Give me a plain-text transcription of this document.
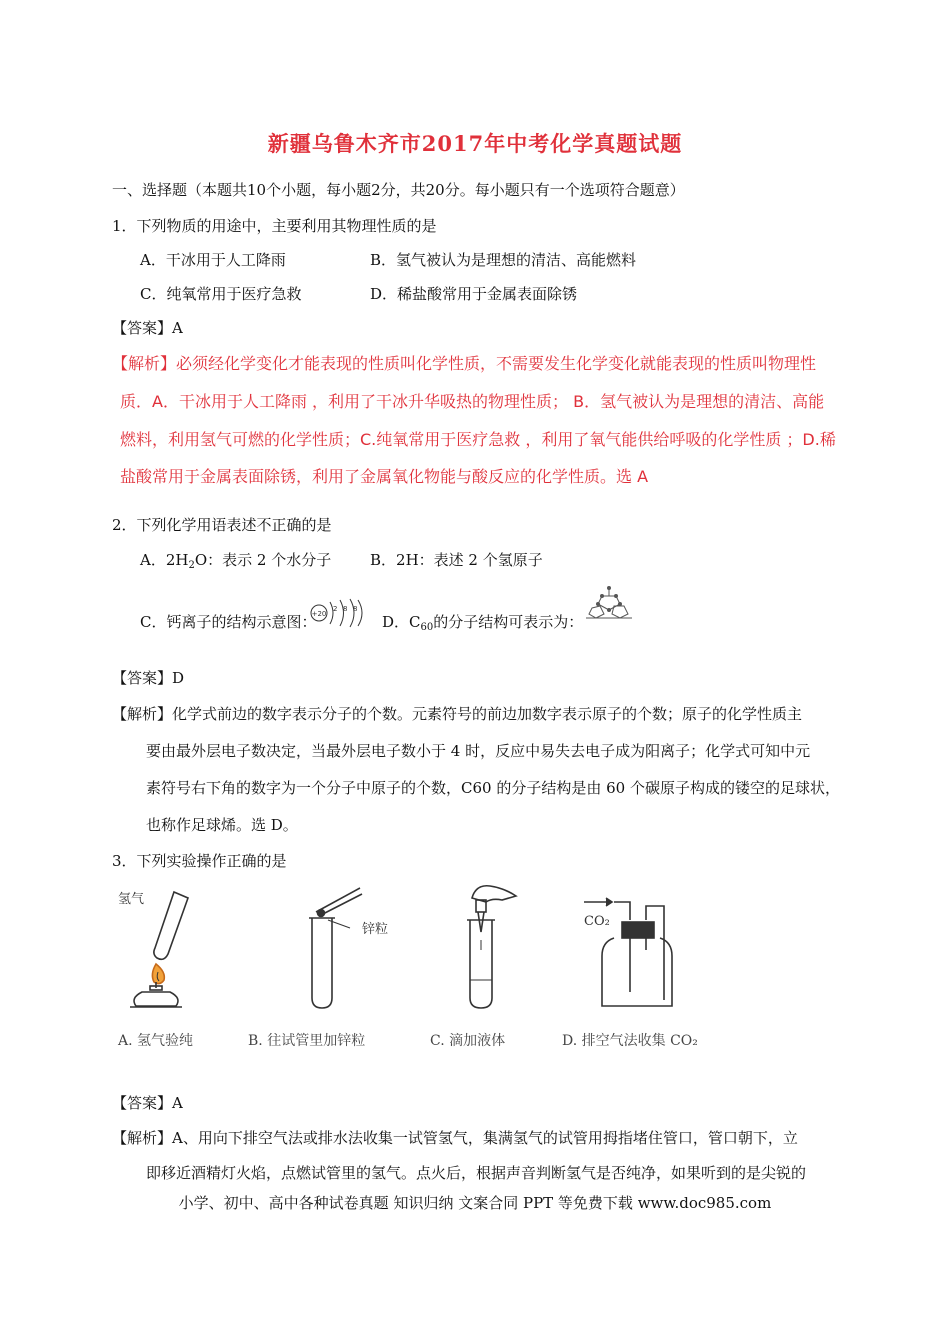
新疆乌鲁木齐市2017年中考化学真题试题
一、选择题（本题共10个小题，每小题2分，共20分。每小题只有一个选项符合题意）
1．下列物质的用途中，主要利用其物理性质的是
A．干冰用于人工降雨	B．氢气被认为是理想的清洁、高能燃料
C．纯氧常用于医疗急救	D．稀盐酸常用于金属表面除锈
【答案】A
【解析】必须经化学变化才能表现的性质叫化学性质，不需要发生化学变化就能表现的性质叫物理性
质．A．干冰用于人工降雨 ，利用了干冰升华吸热的物理性质； B．氢气被认为是理想的清洁、高能
燃料，利用氢气可燃的化学性质；C.纯氧常用于医疗急救 ，利用了氧气能供给呼吸的化学性质 ；D.稀
盐酸常用于金属表面除锈，利用了金属氧化物能与酸反应的化学性质。选 A
2．下列化学用语表述不正确的是
A．$2H_2O$：表示 2 个水分子	B．2H：表述 2 个氢原子
C．钙离子的结构示意图：
+20
2 8 8
D．$C_{60}$的分子结构可表示为：
【答案】D
【解析】化学式前边的数字表示分子的个数。元素符号的前边加数字表示原子的个数；原子的化学性质主
要由最外层电子数决定，当最外层电子数小于 4 时，反应中易失去电子成为阳离子；化学式可知中元
素符号右下角的数字为一个分子中原子的个数，C60 的分子结构是由 60 个碳原子构成的镂空的足球状，
也称作足球烯。选 D。
3．下列实验操作正确的是
氢气
锌粒
CO₂
A. 氢气验纯	B. 往试管里加锌粒	C. 滴加液体	D. 排空气法收集 CO₂
【答案】A
【解析】A、用向下排空气法或排水法收集一试管氢气，集满氢气的试管用拇指堵住管口，管口朝下，立
即移近酒精灯火焰，点燃试管里的氢气。点火后，根据声音判断氢气是否纯净，如果听到的是尖锐的
小学、初中、高中各种试卷真题 知识归纳 文案合同 PPT 等免费下载 www.doc985.com
